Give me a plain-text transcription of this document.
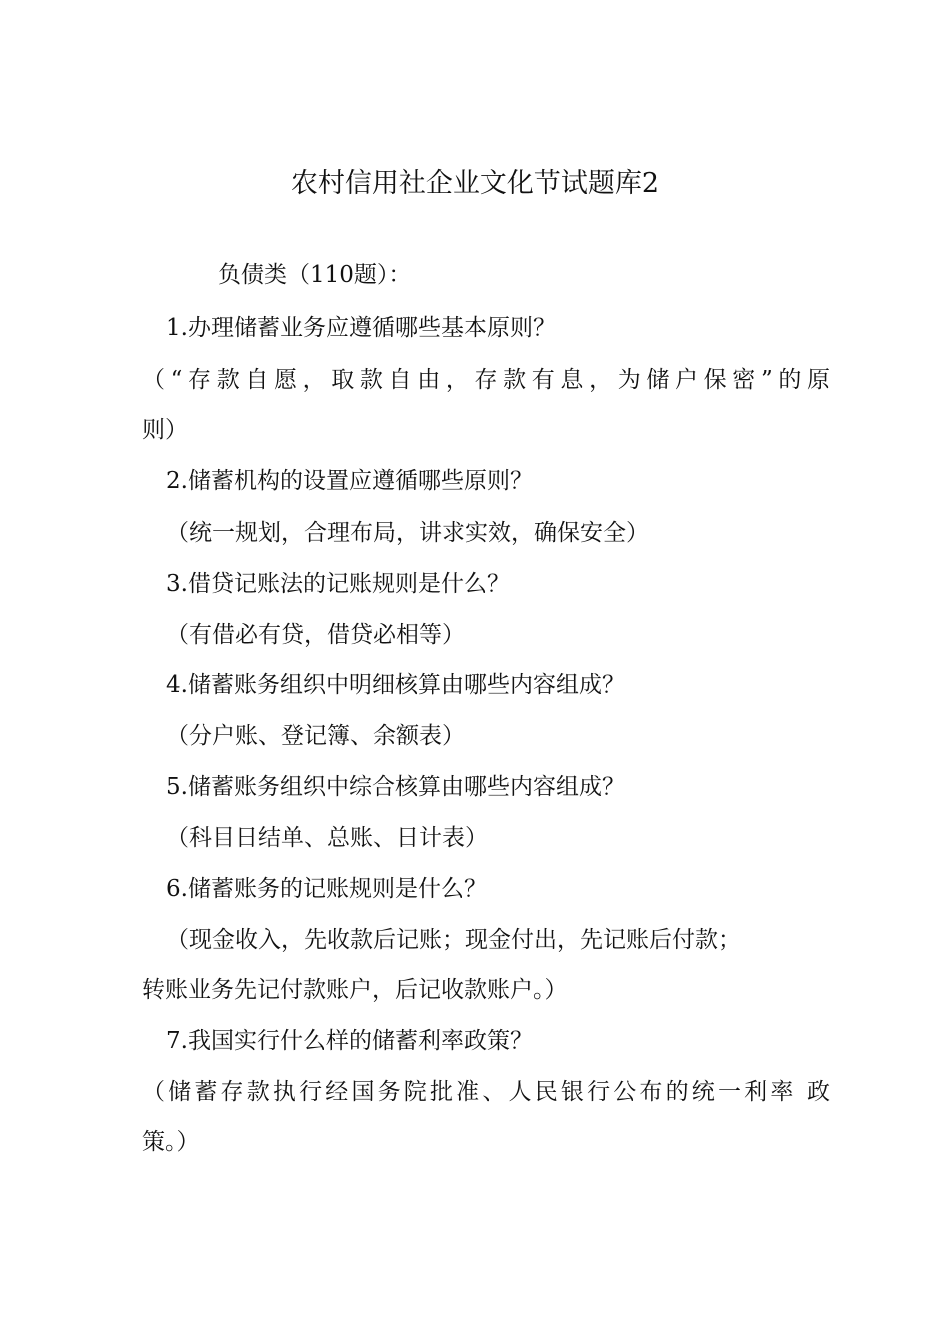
农村信用社企业文化节试题库2
负债类（110题）：
1.办理储蓄业务应遵循哪些基本原则？
（“存款自愿，取款自由，存款有息，为储户保密”的原
则）
2.储蓄机构的设置应遵循哪些原则？
（统一规划，合理布局，讲求实效，确保安全）
3.借贷记账法的记账规则是什么？
（有借必有贷，借贷必相等）
4.储蓄账务组织中明细核算由哪些内容组成？
（分户账、登记簿、余额表）
5.储蓄账务组织中综合核算由哪些内容组成？
（科目日结单、总账、日计表）
6.储蓄账务的记账规则是什么？
（现金收入，先收款后记账；现金付出，先记账后付款；
转账业务先记付款账户，后记收款账户。）
7.我国实行什么样的储蓄利率政策？
（储蓄存款执行经国务院批准、人民银行公布的统一利率 政
策。）
